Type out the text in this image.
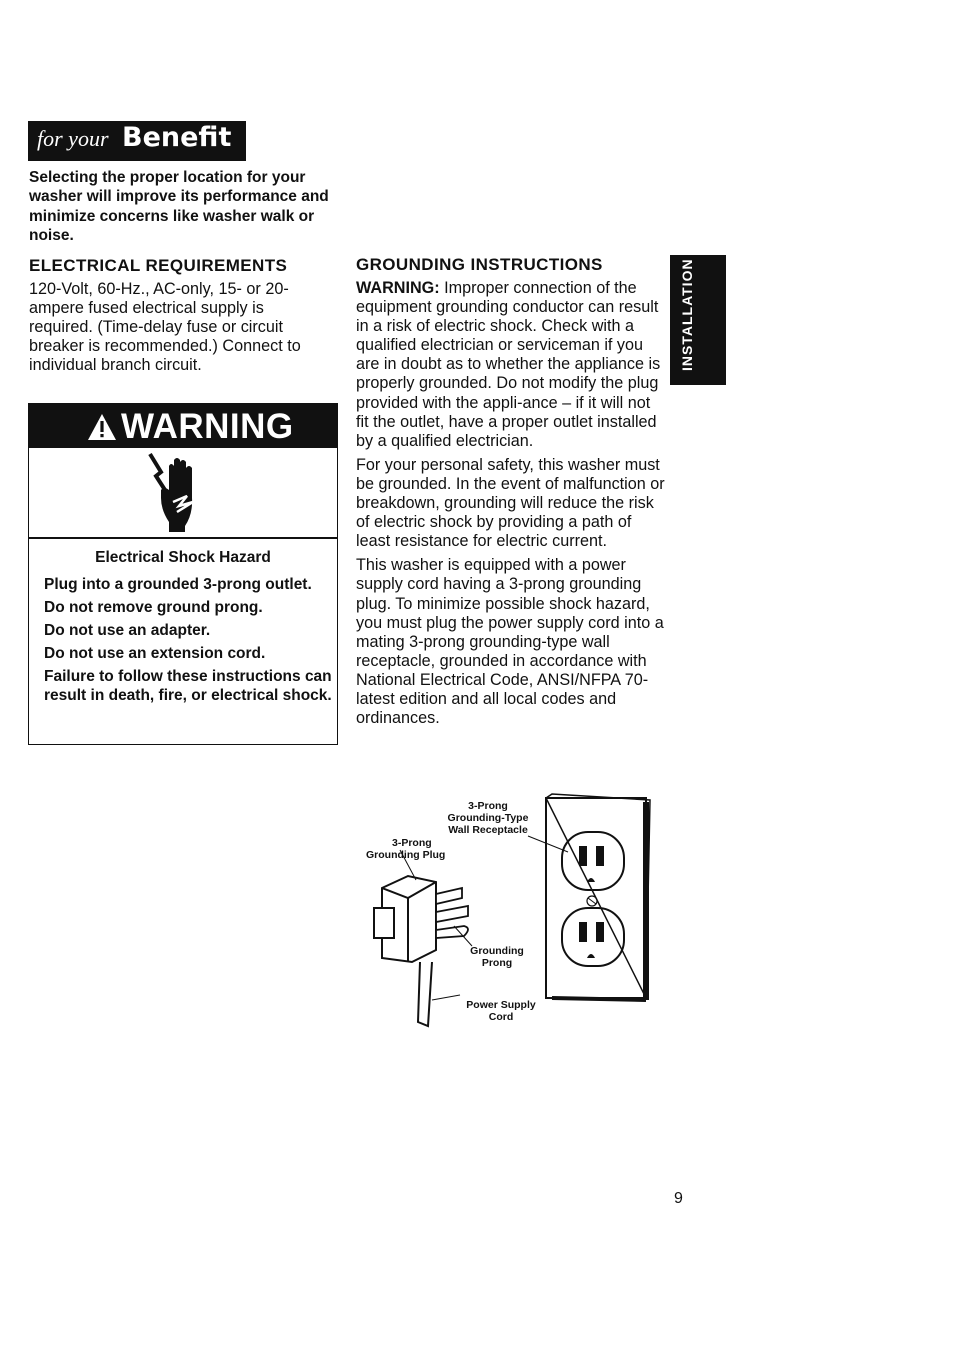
for your Benefit
Selecting the proper location for your washer will improve its performance and minimize concerns like washer walk or noise.
ELECTRICAL REQUIREMENTS
120-Volt, 60-Hz., AC-only, 15- or 20-ampere fused electrical supply is required. (Time-delay fuse or circuit breaker is recommended.) Connect to individual branch circuit.
WARNING
Electrical Shock Hazard

Plug into a grounded 3-prong outlet.

Do not remove ground prong.

Do not use an adapter.

Do not use an extension cord.

Failure to follow these instructions can result in death, fire, or electrical shock.

GROUNDING INSTRUCTIONS

WARNING: Improper connection of the equipment grounding conductor can result in a risk of electric shock. Check with a qualified electrician or serviceman if you are in doubt as to whether the appliance is properly grounded. Do not modify the plug provided with the appli-ance – if it will not fit the outlet, have a proper outlet installed by a qualified electrician.

For your personal safety, this washer must be grounded. In the event of malfunction or breakdown, grounding will reduce the risk of electric shock by providing a path of least resistance for electric current.

This washer is equipped with a power supply cord having a 3-prong grounding plug. To minimize possible shock hazard, you must plug the power supply cord into a mating 3-prong grounding-type wall receptacle, grounded in accordance with National Electrical Code, ANSI/NFPA 70-latest edition and all local codes and ordinances.

INSTALLATION
3-Prong
Grounding-Type
Wall Receptacle
3-Prong
Grounding Plug
Grounding
Prong
Power Supply
Cord
9
